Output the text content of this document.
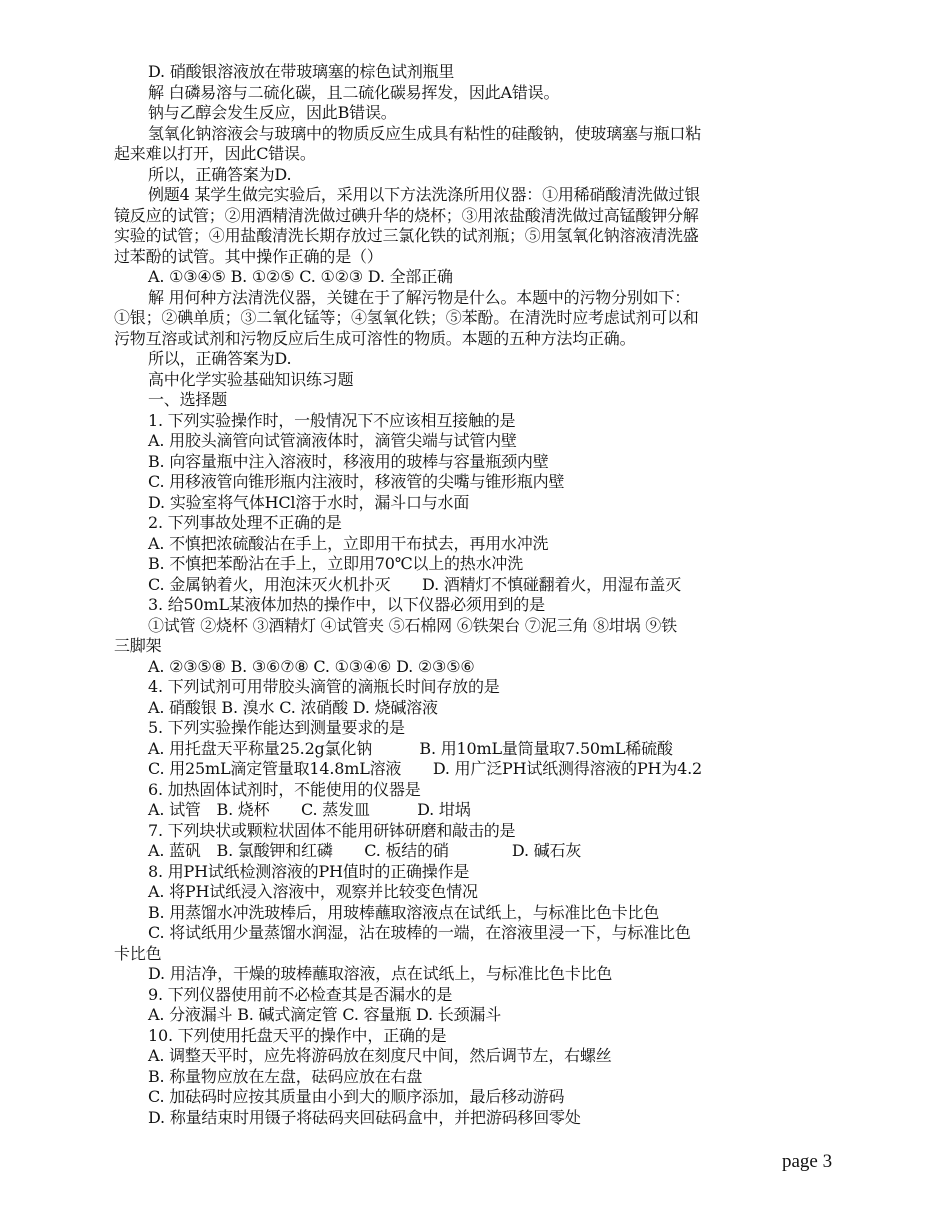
D. 硝酸银溶液放在带玻璃塞的棕色试剂瓶里
解 白磷易溶与二硫化碳，且二硫化碳易挥发，因此A错误。
钠与乙醇会发生反应，因此B错误。
氢氧化钠溶液会与玻璃中的物质反应生成具有粘性的硅酸钠，使玻璃塞与瓶口粘
起来难以打开，因此C错误。
所以，正确答案为D.
例题4 某学生做完实验后，采用以下方法洗涤所用仪器：①用稀硝酸清洗做过银
镜反应的试管；②用酒精清洗做过碘升华的烧杯；③用浓盐酸清洗做过高锰酸钾分解
实验的试管；④用盐酸清洗长期存放过三氯化铁的试剂瓶；⑤用氢氧化钠溶液清洗盛
过苯酚的试管。其中操作正确的是（）
A. ①③④⑤ B. ①②⑤ C. ①②③ D. 全部正确
解 用何种方法清洗仪器，关键在于了解污物是什么。本题中的污物分别如下：
①银；②碘单质；③二氧化锰等；④氢氧化铁；⑤苯酚。在清洗时应考虑试剂可以和
污物互溶或试剂和污物反应后生成可溶性的物质。本题的五种方法均正确。
所以，正确答案为D.
高中化学实验基础知识练习题
一、选择题
1. 下列实验操作时，一般情况下不应该相互接触的是
A. 用胶头滴管向试管滴液体时，滴管尖端与试管内壁
B. 向容量瓶中注入溶液时，移液用的玻棒与容量瓶颈内壁
C. 用移液管向锥形瓶内注液时，移液管的尖嘴与锥形瓶内壁
D. 实验室将气体HCl溶于水时，漏斗口与水面
2. 下列事故处理不正确的是
A. 不慎把浓硫酸沾在手上，立即用干布拭去，再用水冲洗
B. 不慎把苯酚沾在手上，立即用70℃以上的热水冲洗
C. 金属钠着火，用泡沫灭火机扑灭　　D. 酒精灯不慎碰翻着火，用湿布盖灭
3. 给50mL某液体加热的操作中，以下仪器必须用到的是
①试管 ②烧杯 ③酒精灯 ④试管夹 ⑤石棉网 ⑥铁架台 ⑦泥三角 ⑧坩埚 ⑨铁
三脚架
A. ②③⑤⑧ B. ③⑥⑦⑧ C. ①③④⑥ D. ②③⑤⑥
4. 下列试剂可用带胶头滴管的滴瓶长时间存放的是
A. 硝酸银 B. 溴水 C. 浓硝酸 D. 烧碱溶液
5. 下列实验操作能达到测量要求的是
A. 用托盘天平称量25.2g氯化钠　　　B. 用10mL量筒量取7.50mL稀硫酸
C. 用25mL滴定管量取14.8mL溶液　　D. 用广泛PH试纸测得溶液的PH为4.2
6. 加热固体试剂时，不能使用的仪器是
A. 试管　B. 烧杯　　C. 蒸发皿　　　D. 坩埚
7. 下列块状或颗粒状固体不能用研钵研磨和敲击的是
A. 蓝矾　B. 氯酸钾和红磷　　C. 板结的硝　　　　D. 碱石灰
8. 用PH试纸检测溶液的PH值时的正确操作是
A. 将PH试纸浸入溶液中，观察并比较变色情况
B. 用蒸馏水冲洗玻棒后，用玻棒蘸取溶液点在试纸上，与标准比色卡比色
C. 将试纸用少量蒸馏水润湿，沾在玻棒的一端，在溶液里浸一下，与标准比色
卡比色
D. 用洁净，干燥的玻棒蘸取溶液，点在试纸上，与标准比色卡比色
9. 下列仪器使用前不必检查其是否漏水的是
A. 分液漏斗 B. 碱式滴定管 C. 容量瓶 D. 长颈漏斗
10. 下列使用托盘天平的操作中，正确的是
A. 调整天平时，应先将游码放在刻度尺中间，然后调节左，右螺丝
B. 称量物应放在左盘，砝码应放在右盘
C. 加砝码时应按其质量由小到大的顺序添加，最后移动游码
D. 称量结束时用镊子将砝码夹回砝码盒中，并把游码移回零处
page 3
